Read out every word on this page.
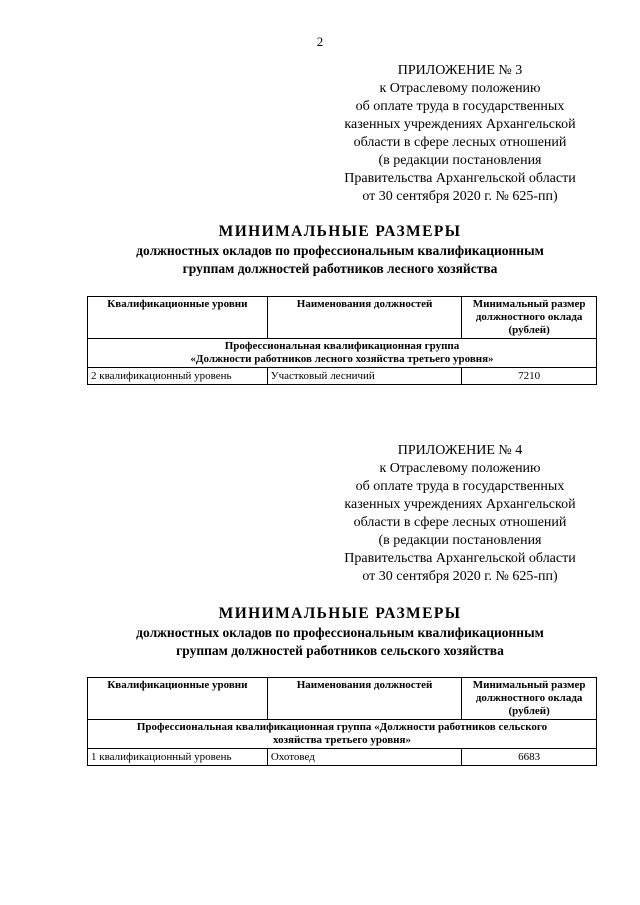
2
ПРИЛОЖЕНИЕ № 3
к Отраслевому положению
об оплате труда в государственных
казенных учреждениях Архангельской
области в сфере лесных отношений
(в редакции постановления
Правительства Архангельской области
от 30 сентября 2020 г. № 625-пп)
МИНИМАЛЬНЫЕ РАЗМЕРЫ
должностных окладов по профессиональным квалификационным
группам должностей работников лесного хозяйства
Квалификационные уровни	Наименования должностей	Минимальный размер должностного оклада (рублей)

Профессиональная квалификационная группа
«Должности работников лесного хозяйства третьего уровня»		

2 квалификационный уровень	Участковый лесничий	7210
ПРИЛОЖЕНИЕ № 4
к Отраслевому положению
об оплате труда в государственных
казенных учреждениях Архангельской
области в сфере лесных отношений
(в редакции постановления
Правительства Архангельской области
от 30 сентября 2020 г. № 625-пп)
МИНИМАЛЬНЫЕ РАЗМЕРЫ
должностных окладов по профессиональным квалификационным
группам должностей работников сельского хозяйства
Квалификационные уровни	Наименования должностей	Минимальный размер должностного оклада (рублей)

Профессиональная квалификационная группа «Должности работников сельского
хозяйства третьего уровня»		

1 квалификационный уровень	Охотовед	6683
